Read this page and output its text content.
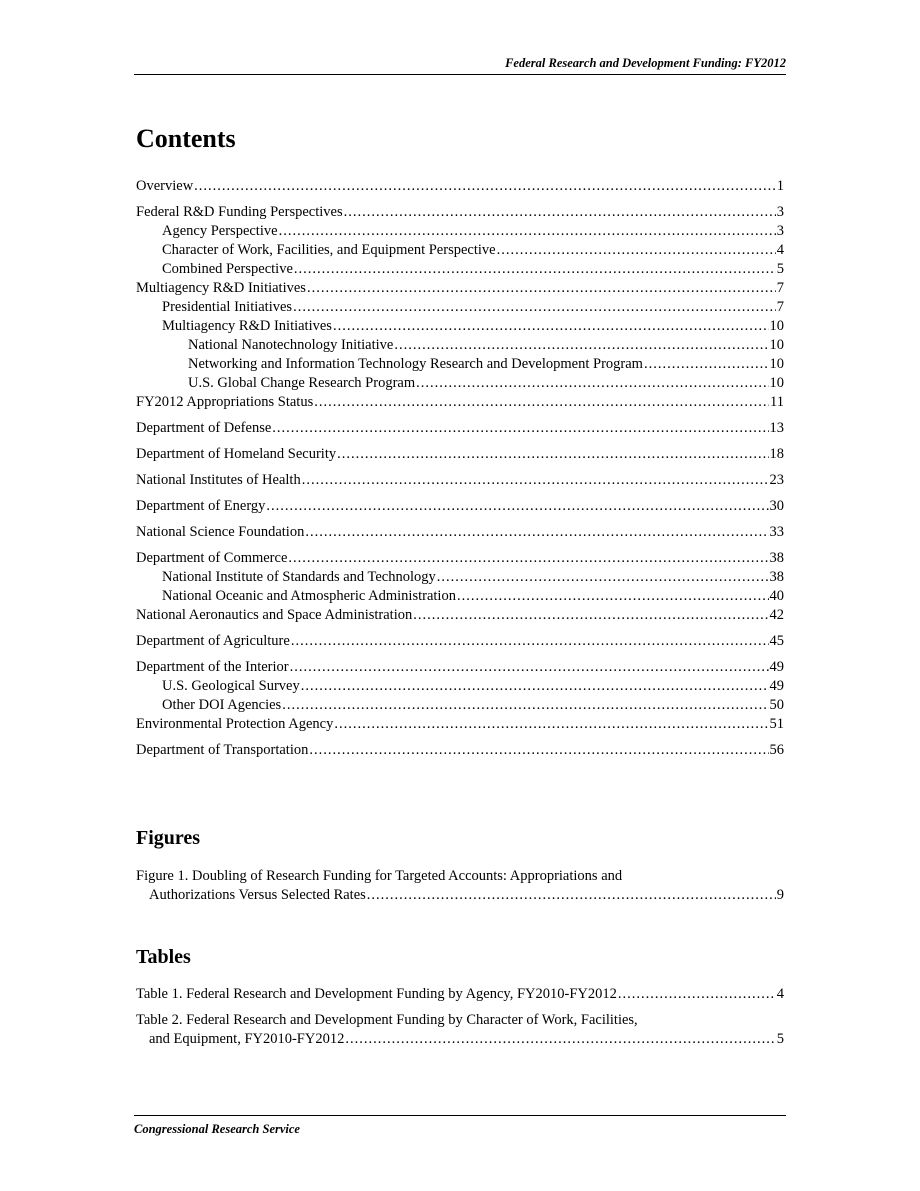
Federal Research and Development Funding: FY2012
Contents
Overview .....	1
Federal R&D Funding Perspectives .....	3
Agency Perspective .....	3
Character of Work, Facilities, and Equipment Perspective .....	4
Combined Perspective .....	5
Multiagency R&D Initiatives .....	7
Presidential Initiatives .....	7
Multiagency R&D Initiatives .....	10
National Nanotechnology Initiative .....	10
Networking and Information Technology Research and Development Program .....	10
U.S. Global Change Research Program .....	10
FY2012 Appropriations Status .....	11
Department of Defense .....	13
Department of Homeland Security .....	18
National Institutes of Health .....	23
Department of Energy .....	30
National Science Foundation .....	33
Department of Commerce .....	38
National Institute of Standards and Technology .....	38
National Oceanic and Atmospheric Administration .....	40
National Aeronautics and Space Administration .....	42
Department of Agriculture .....	45
Department of the Interior .....	49
U.S. Geological Survey .....	49
Other DOI Agencies .....	50
Environmental Protection Agency .....	51
Department of Transportation .....	56
Figures
Figure 1. Doubling of Research Funding for Targeted Accounts: Appropriations and
Authorizations Versus Selected Rates .....	9
Tables
Table 1. Federal Research and Development Funding by Agency, FY2010-FY2012 .....	4
Table 2. Federal Research and Development Funding by Character of Work, Facilities,
and Equipment, FY2010-FY2012 .....	5
Congressional Research Service
